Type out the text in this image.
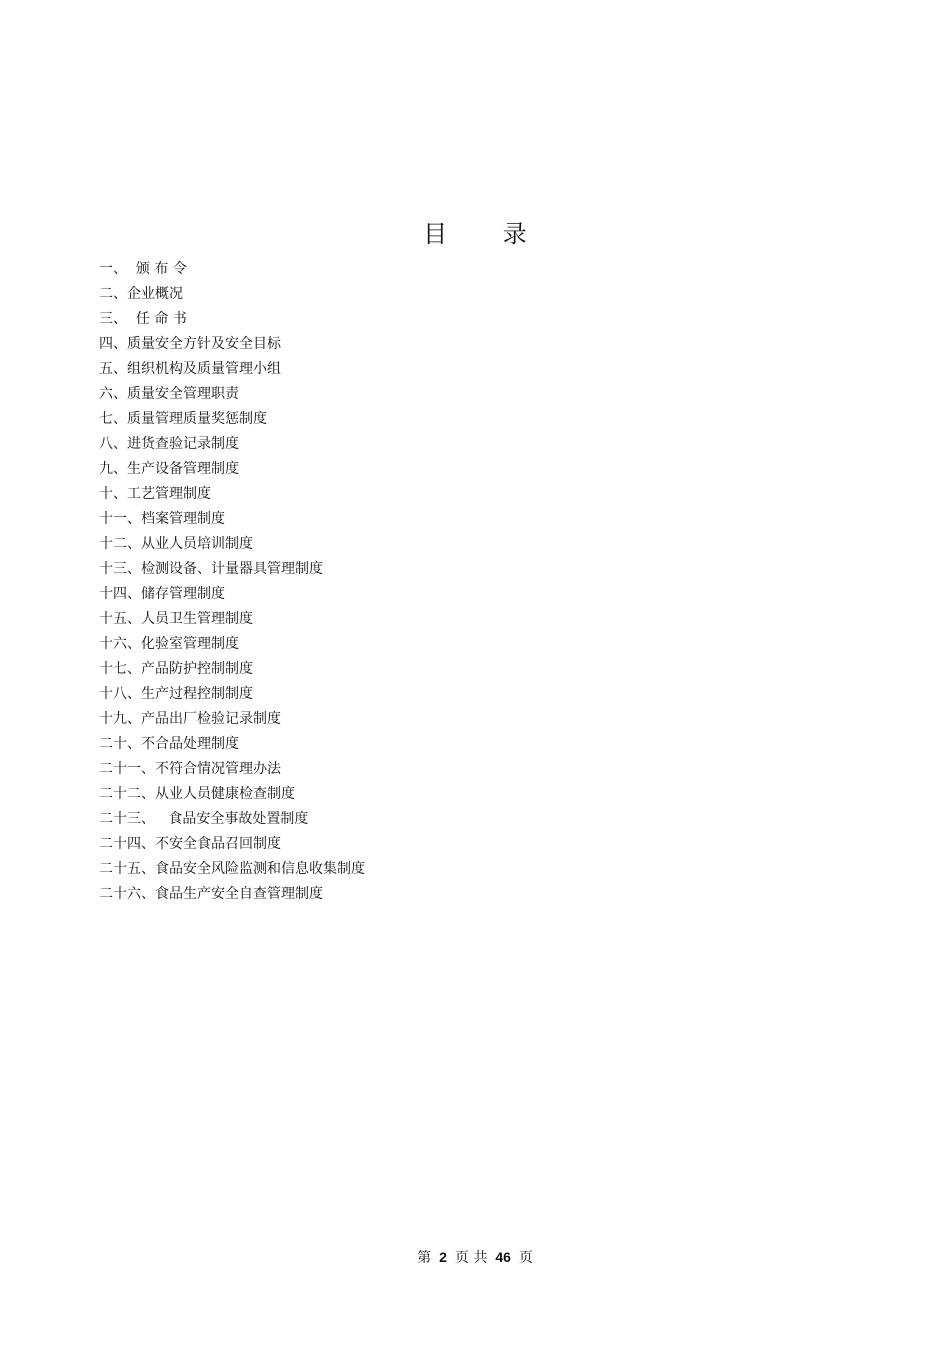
目 录
一、  颁 布 令
二、企业概况
三、  任 命 书
四、质量安全方针及安全目标
五、组织机构及质量管理小组
六、质量安全管理职责
七、质量管理质量奖惩制度
八、进货查验记录制度
九、生产设备管理制度
十、工艺管理制度
十一、档案管理制度
十二、从业人员培训制度
十三、检测设备、计量器具管理制度
十四、储存管理制度
十五、人员卫生管理制度
十六、化验室管理制度
十七、产品防护控制制度
十八、生产过程控制制度
十九、产品出厂检验记录制度
二十、不合品处理制度
二十一、不符合情况管理办法
二十二、从业人员健康检查制度
二十三、   食品安全事故处置制度
二十四、不安全食品召回制度
二十五、食品安全风险监测和信息收集制度
二十六、食品生产安全自查管理制度
第 2 页 共 46 页
